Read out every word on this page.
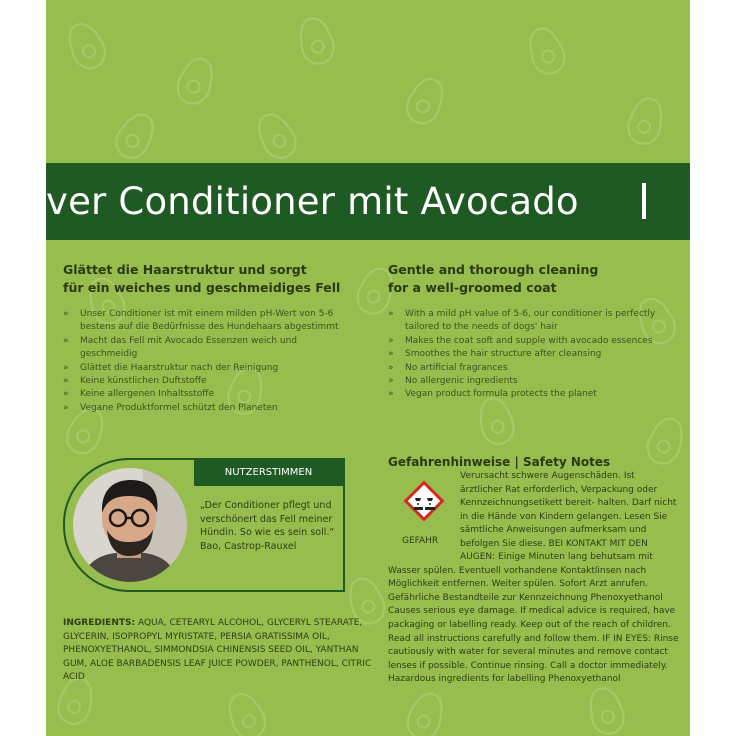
ver Conditioner mit Avocado
Glättet die Haarstruktur und sorgt
für ein weiches und geschmeidiges Fell
» Unser Conditioner ist mit einem milden pH-Wert von 5-6
bestens auf die Bedürfnisse des Hundehaars abgestimmt
» Macht das Fell mit Avocado Essenzen weich und
geschmeidig
» Glättet die Haarstruktur nach der Reinigung
» Keine künstlichen Duftstoffe
» Keine allergenen Inhaltsstoffe
» Vegane Produktformel schützt den Planeten
Gentle and thorough cleaning
for a well-groomed coat
» With a mild pH value of 5-6, our conditioner is perfectly
tailored to the needs of dogs' hair
» Makes the coat soft and supple with avocado essences
» Smoothes the hair structure after cleansing
» No artificial fragrances
» No allergenic ingredients
» Vegan product formula protects the planet
NUTZERSTIMMEN
„Der Conditioner pflegt und
verschönert das Fell meiner
Hündin. So wie es sein soll.“
Bao, Castrop-Rauxel
INGREDIENTS: AQUA, CETEARYL ALCOHOL, GLYCERYL STEARATE,
GLYCERIN, ISOPROPYL MYRISTATE, PERSIA GRATISSIMA OIL,
PHENOXYETHANOL, SIMMONDSIA CHINENSIS SEED OIL, YANTHAN
GUM, ALOE BARBADENSIS LEAF JUICE POWDER, PANTHENOL, CITRIC
ACID
Gefahrenhinweise | Safety Notes
GEFAHR
Verursacht schwere Augenschäden. Ist
ärztlicher Rat erforderlich, Verpackung oder
Kennzeichnungsetikett bereit- halten. Darf nicht
in die Hände von Kindern gelangen. Lesen Sie
sämtliche Anweisungen aufmerksam und
befolgen Sie diese. BEI KONTAKT MIT DEN
AUGEN: Einige Minuten lang behutsam mit
Wasser spülen. Eventuell vorhandene Kontaktlinsen nach
Möglichkeit entfernen. Weiter spülen. Sofort Arzt anrufen.
Gefährliche Bestandteile zur Kennzeichnung Phenoxyethanol
Causes serious eye damage. If medical advice is required, have
packaging or labelling ready. Keep out of the reach of children.
Read all instructions carefully and follow them. IF IN EYES: Rinse
cautiously with water for several minutes and remove contact
lenses if possible. Continue rinsing. Call a doctor immediately.
Hazardous ingredients for labelling Phenoxyethanol
